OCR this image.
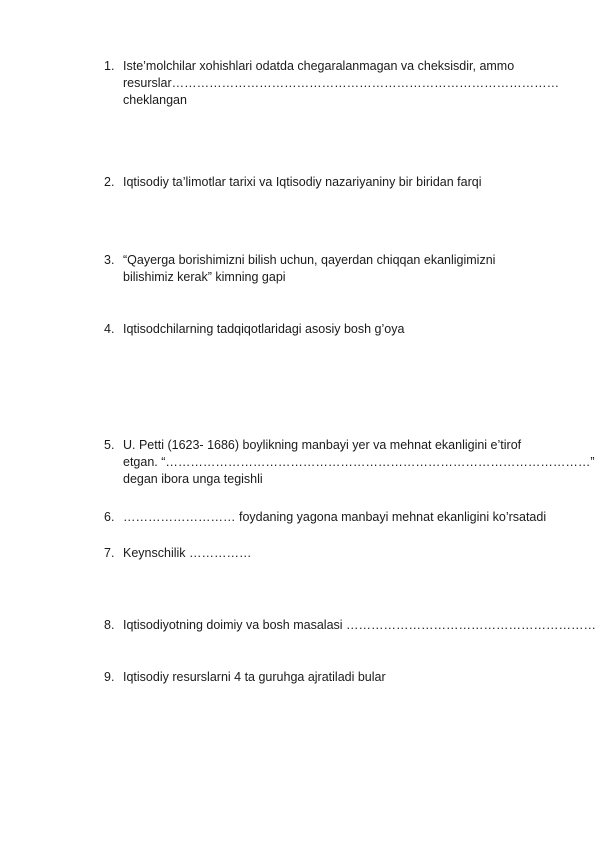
1. Iste’molchilar xohishlari odatda chegaralanmagan va cheksisdir, ammo
resurslar…………………………………………………………………………………
cheklangan
2. Iqtisodiy ta’limotlar tarixi va Iqtisodiy nazariyaniny bir biridan farqi
3. “Qayerga borishimizni bilish uchun, qayerdan chiqqan ekanligimizni
bilishimiz kerak” kimning gapi
4. Iqtisodchilarning tadqiqotlaridagi asosiy bosh g’oya
5. U. Petti (1623- 1686) boylikning manbayi yer va mehnat ekanligini e’tirof
etgan. “…………………………………………………………………………………………”
degan ibora unga tegishli
6. ……………………… foydaning yagona manbayi mehnat ekanligini ko’rsatadi
7. Keynschilik ……………
8. Iqtisodiyotning doimiy va bosh masalasi ……………………………………………………
9. Iqtisodiy resurslarni 4 ta guruhga ajratiladi bular
